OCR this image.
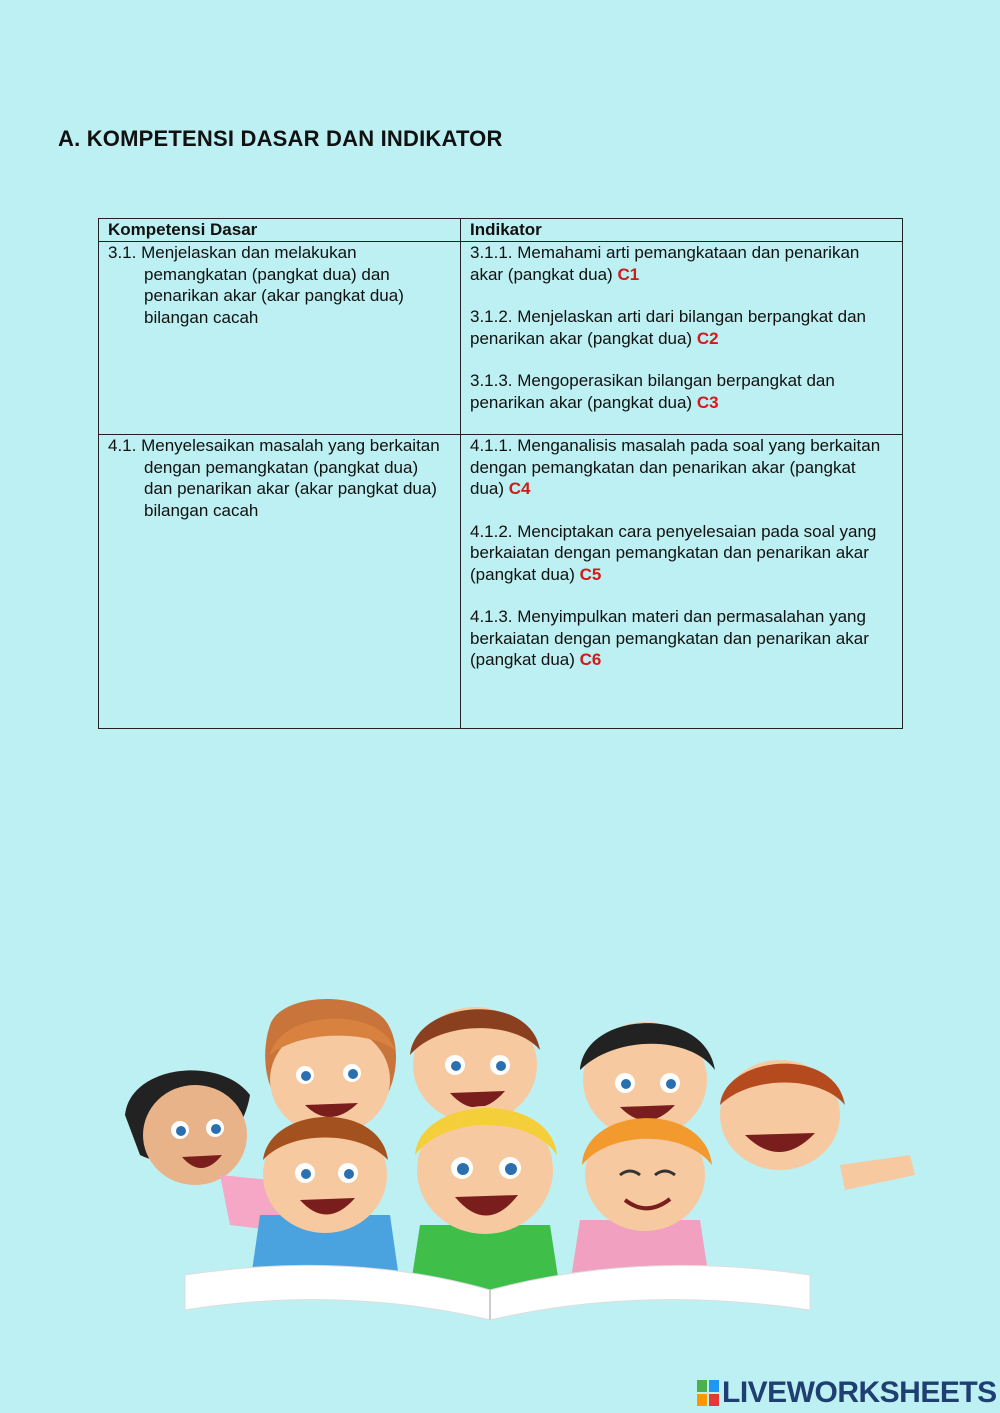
A. KOMPETENSI DASAR DAN INDIKATOR
Kompetensi Dasar	Indikator

3.1. Menjelaskan dan melakukan pemangkatan (pangkat dua) dan penarikan akar (akar pangkat dua) bilangan cacah	3.1.1. Memahami arti pemangkataan dan penarikan akar (pangkat dua) C1
3.1.2. Menjelaskan arti dari bilangan berpangkat dan penarikan akar (pangkat dua) C2
3.1.3. Mengoperasikan bilangan berpangkat dan penarikan akar (pangkat dua) C3

4.1. Menyelesaikan masalah yang berkaitan dengan pemangkatan (pangkat dua) dan penarikan akar (akar pangkat dua) bilangan cacah	4.1.1. Menganalisis masalah pada soal yang berkaitan dengan pemangkatan dan penarikan akar (pangkat dua) C4
4.1.2. Menciptakan cara penyelesaian pada soal yang berkaiatan dengan pemangkatan dan penarikan akar (pangkat dua) C5
4.1.3. Menyimpulkan materi dan permasalahan yang berkaiatan dengan pemangkatan dan penarikan akar (pangkat dua) C6
LIVEWORKSHEETS
